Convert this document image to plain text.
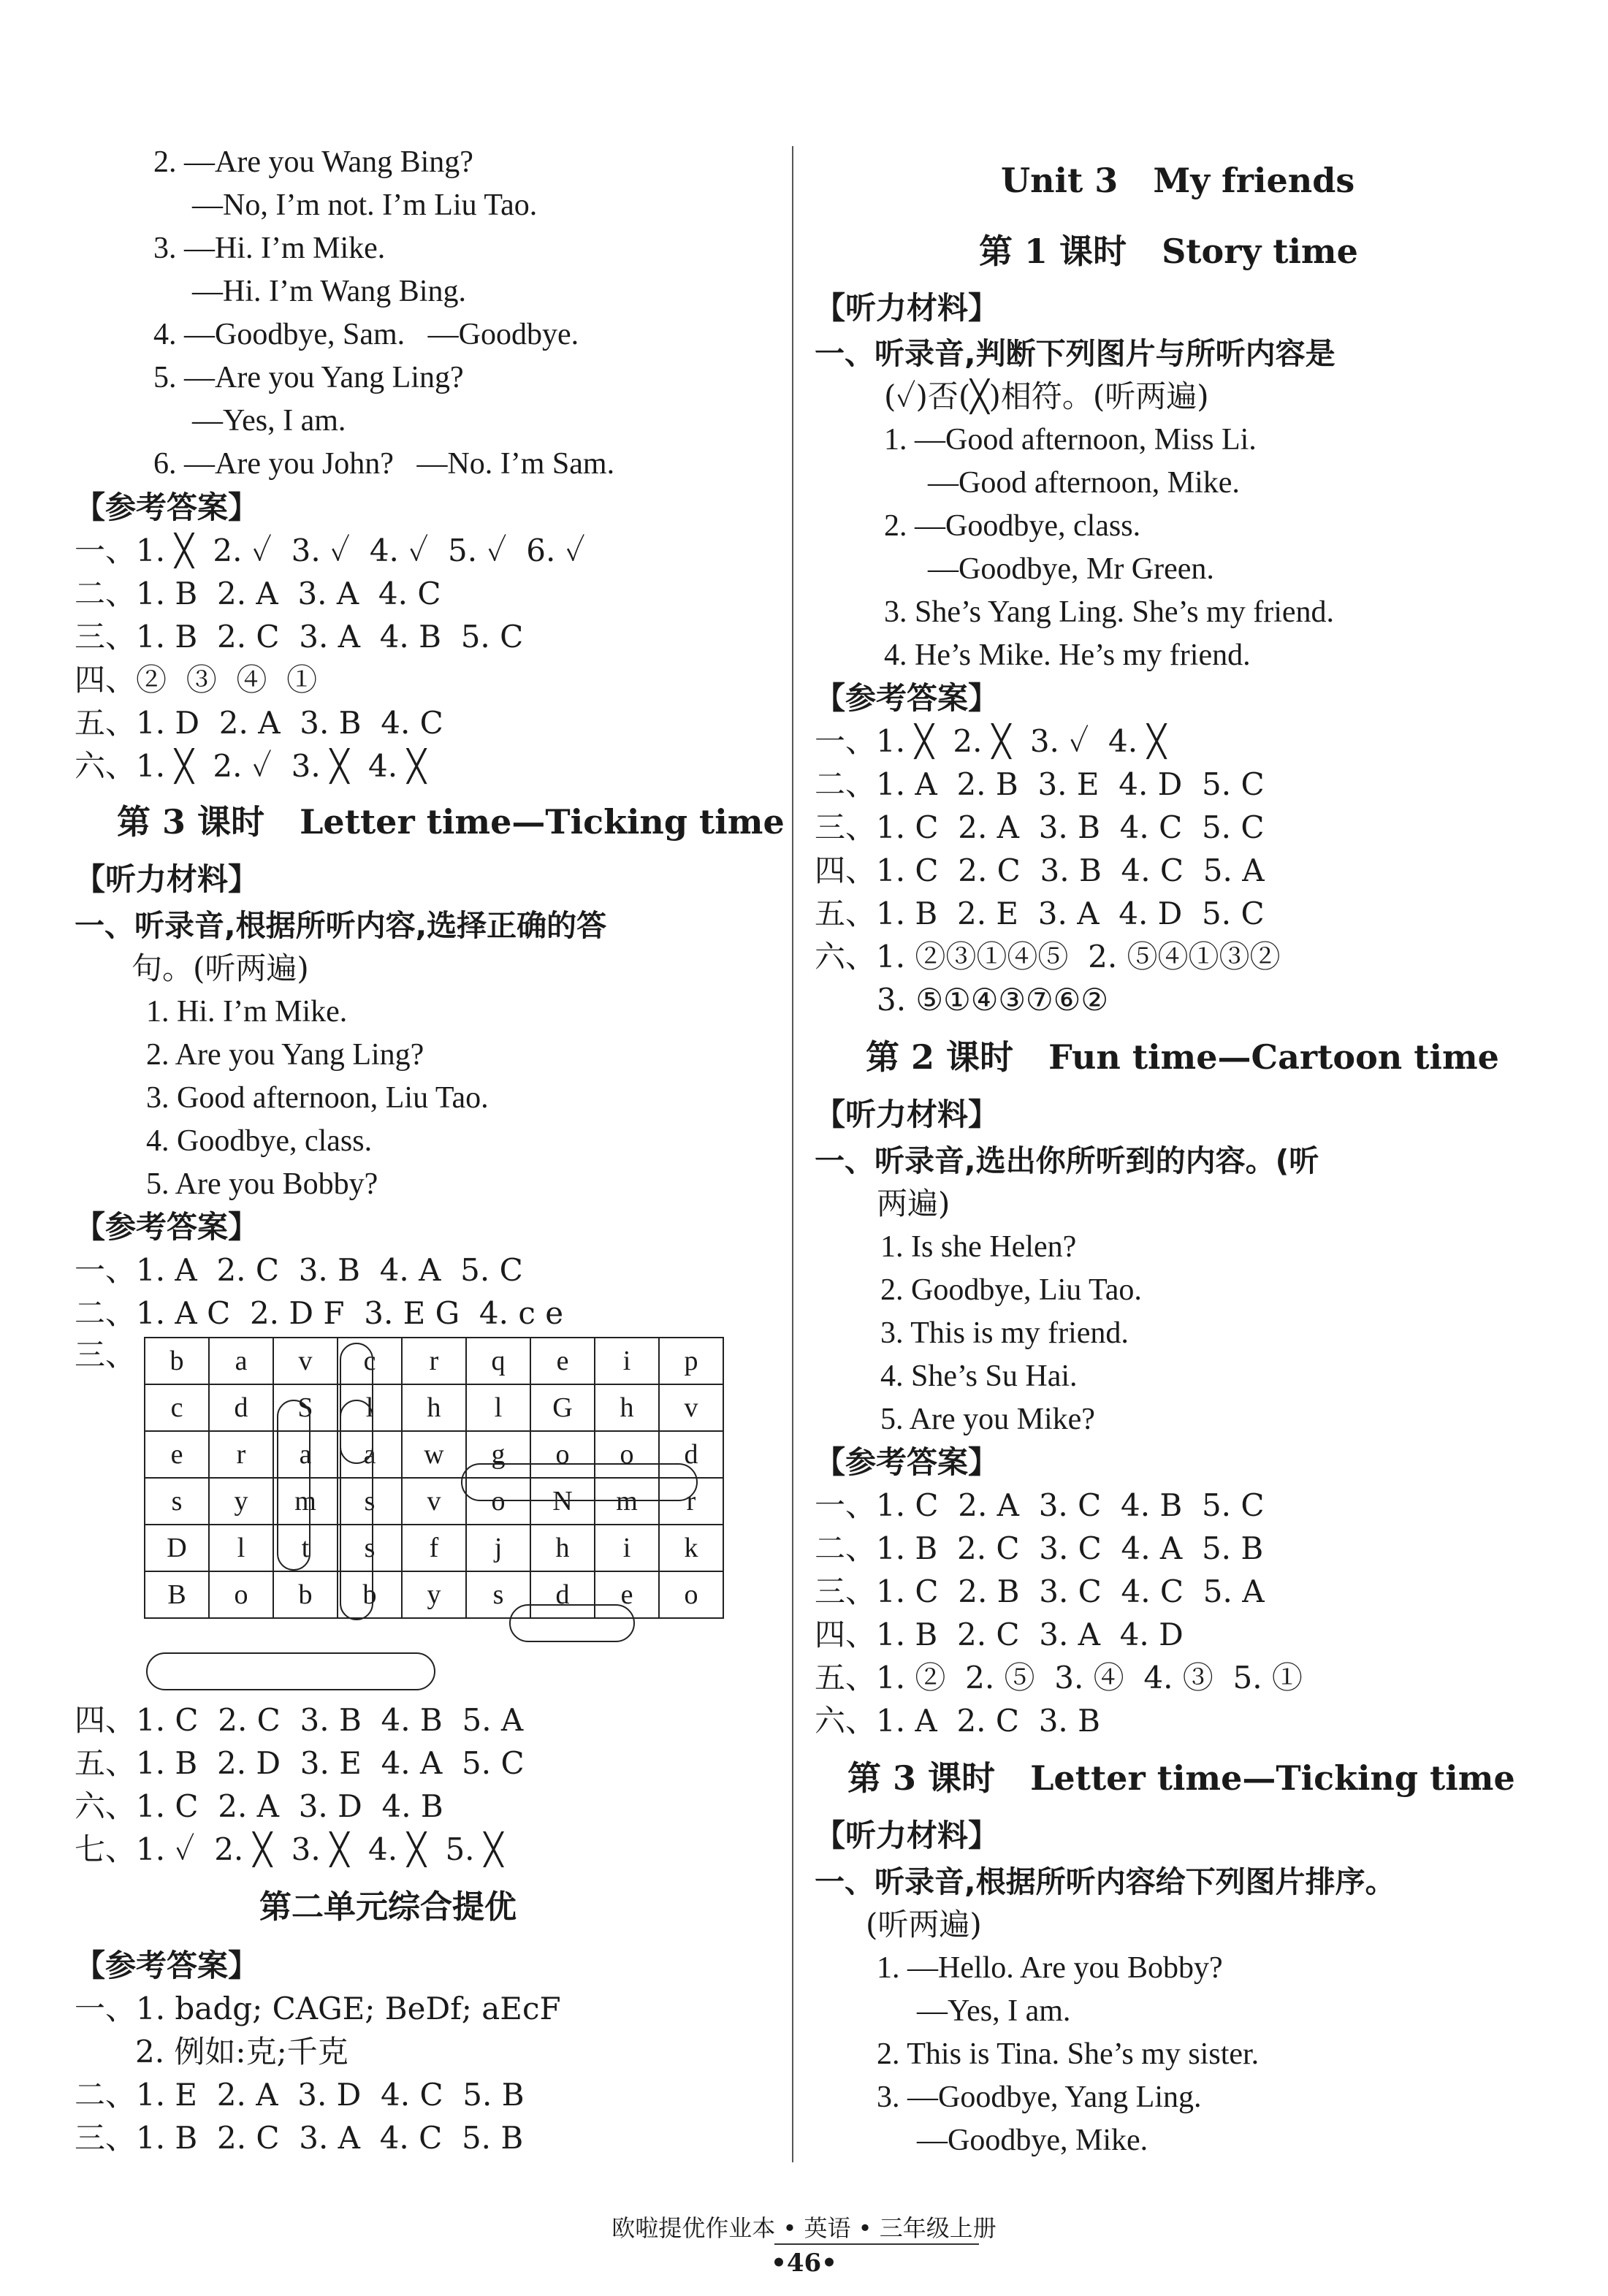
2. —Are you Wang Bing?
—No, I’m not. I’m Liu Tao.
3. —Hi. I’m Mike.
—Hi. I’m Wang Bing.
4. —Goodbye, Sam.   —Goodbye.
5. —Are you Yang Ling?
—Yes, I am.
6. —Are you John?   —No. I’m Sam.
【参考答案】
一、1. ╳  2. ✓  3. ✓  4. ✓  5. ✓  6. ✓
二、1. B  2. A  3. A  4. C
三、1. B  2. C  3. A  4. B  5. C
四、②  ③  ④  ①
五、1. D  2. A  3. B  4. C
六、1. ╳  2. ✓  3. ╳  4. ╳
第 3 课时   Letter time—Ticking time
【听力材料】
一、听录音,根据所听内容,选择正确的答
句。(听两遍)
1. Hi. I’m Mike.
2. Are you Yang Ling?
3. Good afternoon, Liu Tao.
4. Goodbye, class.
5. Are you Bobby?
【参考答案】
一、1. A  2. C  3. B  4. A  5. C
二、1. A C  2. D F  3. E G  4. c e
三、 b	a	v	c	r	q	e	i	p
c	d	S	l	h	l	G	h	v
e	r	a	a	w	g	o	o	d
s	y	m	s	v	o	N	m	r
D	l	t	s	f	j	h	i	k
B	o	b	b	y	s	d	e	o
四、1. C  2. C  3. B  4. B  5. A
五、1. B  2. D  3. E  4. A  5. C
六、1. C  2. A  3. D  4. B
七、1. ✓  2. ╳  3. ╳  4. ╳  5. ╳
第二单元综合提优
【参考答案】
一、1. badg; CAGE; BeDf; aEcF
2. 例如:克;千克
二、1. E  2. A  3. D  4. C  5. B
三、1. B  2. C  3. A  4. C  5. B
Unit 3   My friends
第 1 课时   Story time
【听力材料】
一、听录音,判断下列图片与所听内容是
(✓)否(╳)相符。(听两遍)
1. —Good afternoon, Miss Li.
—Good afternoon, Mike.
2. —Goodbye, class.
—Goodbye, Mr Green.
3. She’s Yang Ling. She’s my friend.
4. He’s Mike. He’s my friend.
【参考答案】
一、1. ╳  2. ╳  3. ✓  4. ╳
二、1. A  2. B  3. E  4. D  5. C
三、1. C  2. A  3. B  4. C  5. C
四、1. C  2. C  3. B  4. C  5. A
五、1. B  2. E  3. A  4. D  5. C
六、1. ②③①④⑤  2. ⑤④①③②
3. ⑤①④③⑦⑥②
第 2 课时   Fun time—Cartoon time
【听力材料】
一、听录音,选出你所听到的内容。(听
两遍)
1. Is she Helen?
2. Goodbye, Liu Tao.
3. This is my friend.
4. She’s Su Hai.
5. Are you Mike?
【参考答案】
一、1. C  2. A  3. C  4. B  5. C
二、1. B  2. C  3. C  4. A  5. B
三、1. C  2. B  3. C  4. C  5. A
四、1. B  2. C  3. A  4. D
五、1. ②  2. ⑤  3. ④  4. ③  5. ①
六、1. A  2. C  3. B
第 3 课时   Letter time—Ticking time
【听力材料】
一、听录音,根据所听内容给下列图片排序。
(听两遍)
1. —Hello. Are you Bobby?
—Yes, I am.
2. This is Tina. She’s my sister.
3. —Goodbye, Yang Ling.
—Goodbye, Mike.
欧啦提优作业本 • 英语 • 三年级上册
•46•
